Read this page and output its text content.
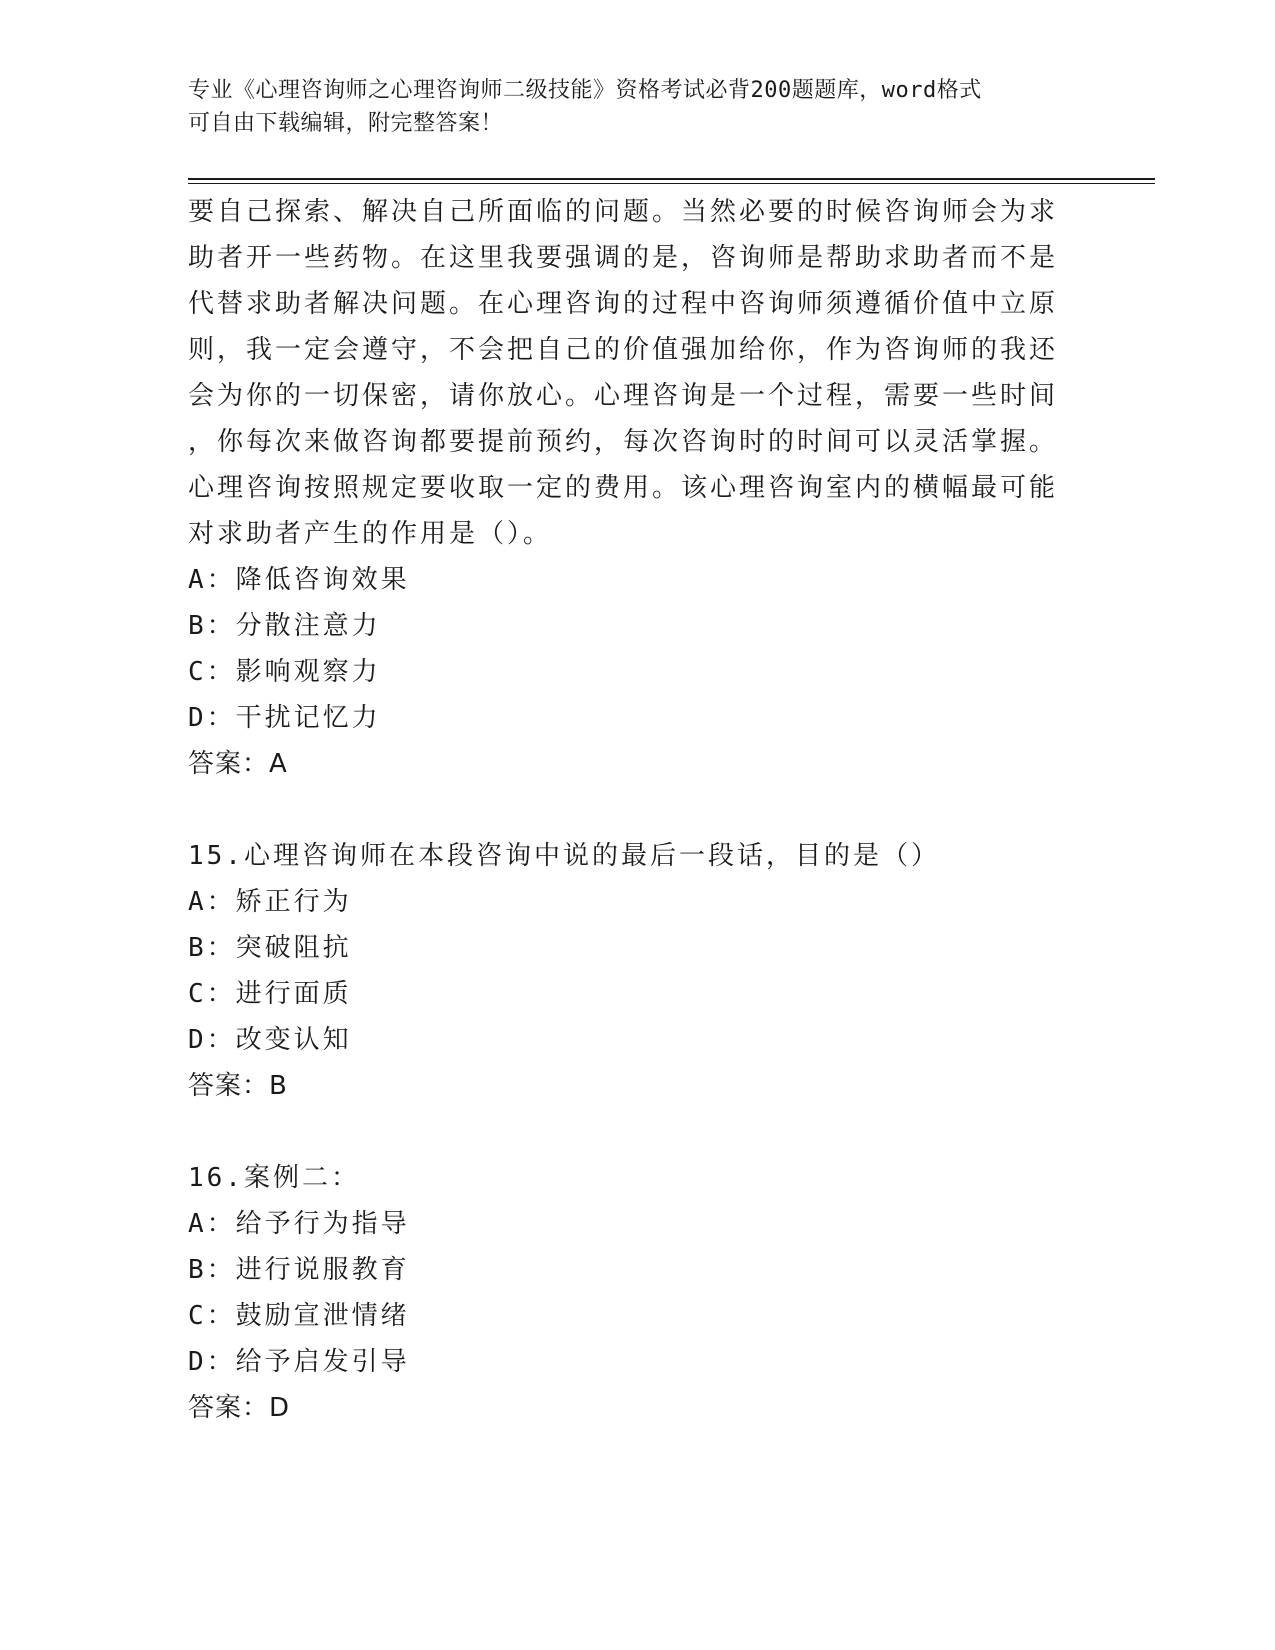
专业《心理咨询师之心理咨询师二级技能》资格考试必背200题题库，word格式
可自由下载编辑，附完整答案！
要自己探索、解决自己所面临的问题。当然必要的时候咨询师会为求
助者开一些药物。在这里我要强调的是，咨询师是帮助求助者而不是
代替求助者解决问题。在心理咨询的过程中咨询师须遵循价值中立原
则，我一定会遵守，不会把自己的价值强加给你，作为咨询师的我还
会为你的一切保密，请你放心。心理咨询是一个过程，需要一些时间
，你每次来做咨询都要提前预约，每次咨询时的时间可以灵活掌握。
心理咨询按照规定要收取一定的费用。该心理咨询室内的横幅最可能
对求助者产生的作用是（）。
A：降低咨询效果
B：分散注意力
C：影响观察力
D：干扰记忆力
答案：A
15.心理咨询师在本段咨询中说的最后一段话，目的是（）
A：矫正行为
B：突破阻抗
C：进行面质
D：改变认知
答案：B
16.案例二：
A：给予行为指导
B：进行说服教育
C：鼓励宣泄情绪
D：给予启发引导
答案：D
